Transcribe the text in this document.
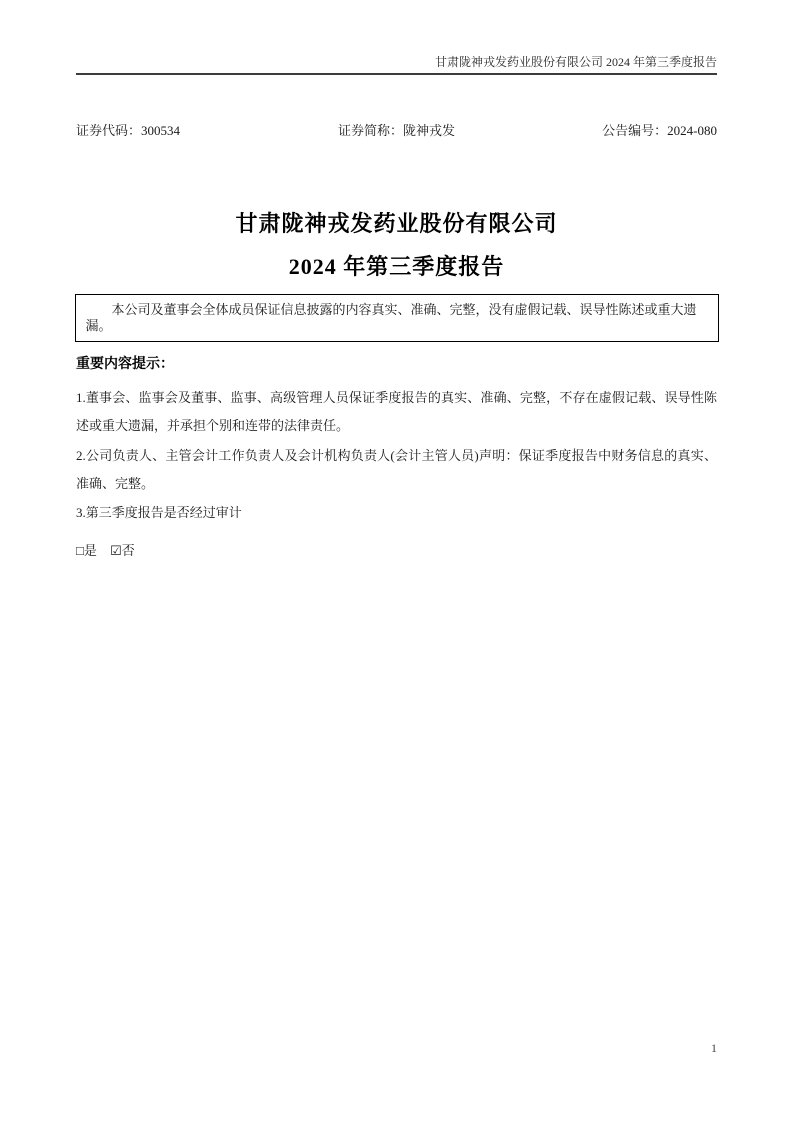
甘肃陇神戎发药业股份有限公司 2024 年第三季度报告
证券代码：300534	证券简称：陇神戎发	公告编号：2024-080
甘肃陇神戎发药业股份有限公司
2024 年第三季度报告

本公司及董事会全体成员保证信息披露的内容真实、准确、完整，没有虚假记载、误导性陈述或重大遗漏。

重要内容提示：

1.董事会、监事会及董事、监事、高级管理人员保证季度报告的真实、准确、完整，不存在虚假记载、误导性陈述或重大遗漏，并承担个别和连带的法律责任。

2.公司负责人、主管会计工作负责人及会计机构负责人(会计主管人员)声明：保证季度报告中财务信息的真实、准确、完整。

3.第三季度报告是否经过审计

□是 ☑否

1
